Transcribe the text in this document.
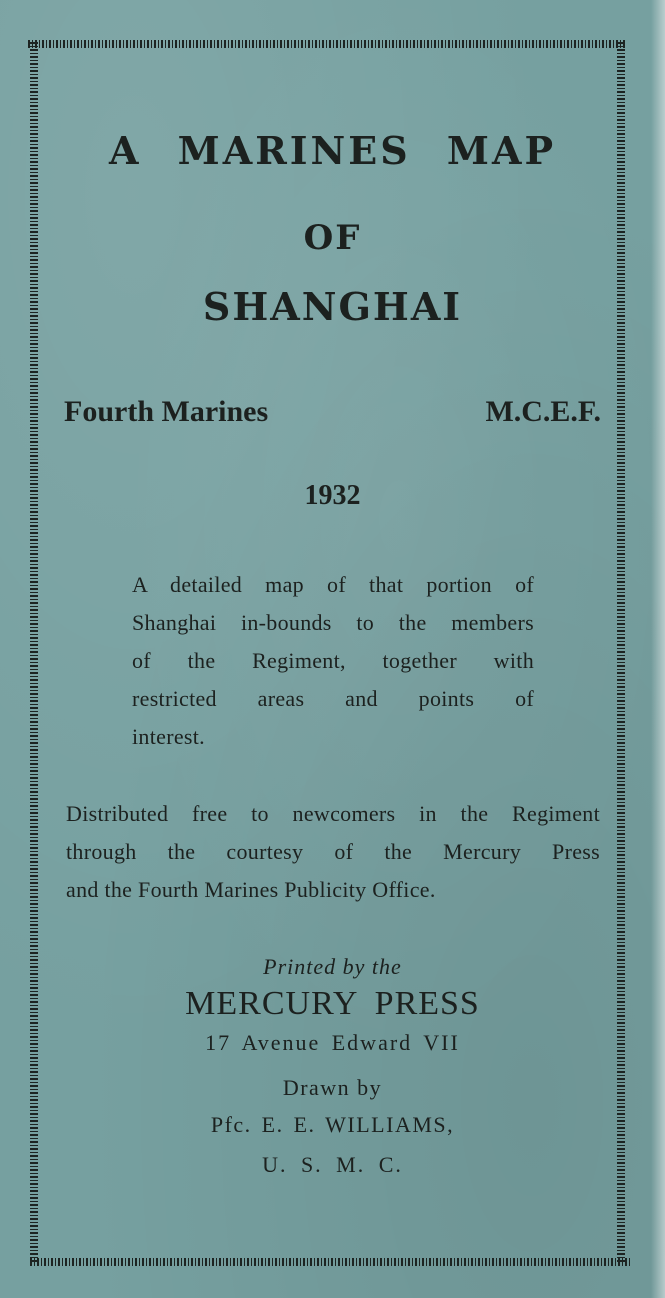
A MARINES MAP
OF
SHANGHAI
Fourth Marines	M.C.E.F.
1932
A detailed map of that portion of
Shanghai in-bounds to the members
of the Regiment, together with
restricted areas and points of
interest.
Distributed free to newcomers in the Regiment
through the courtesy of the Mercury Press
and the Fourth Marines Publicity Office.
Printed by the
MERCURY PRESS
17 Avenue Edward VII
Drawn by
Pfc. E. E. WILLIAMS,
U. S. M. C.
